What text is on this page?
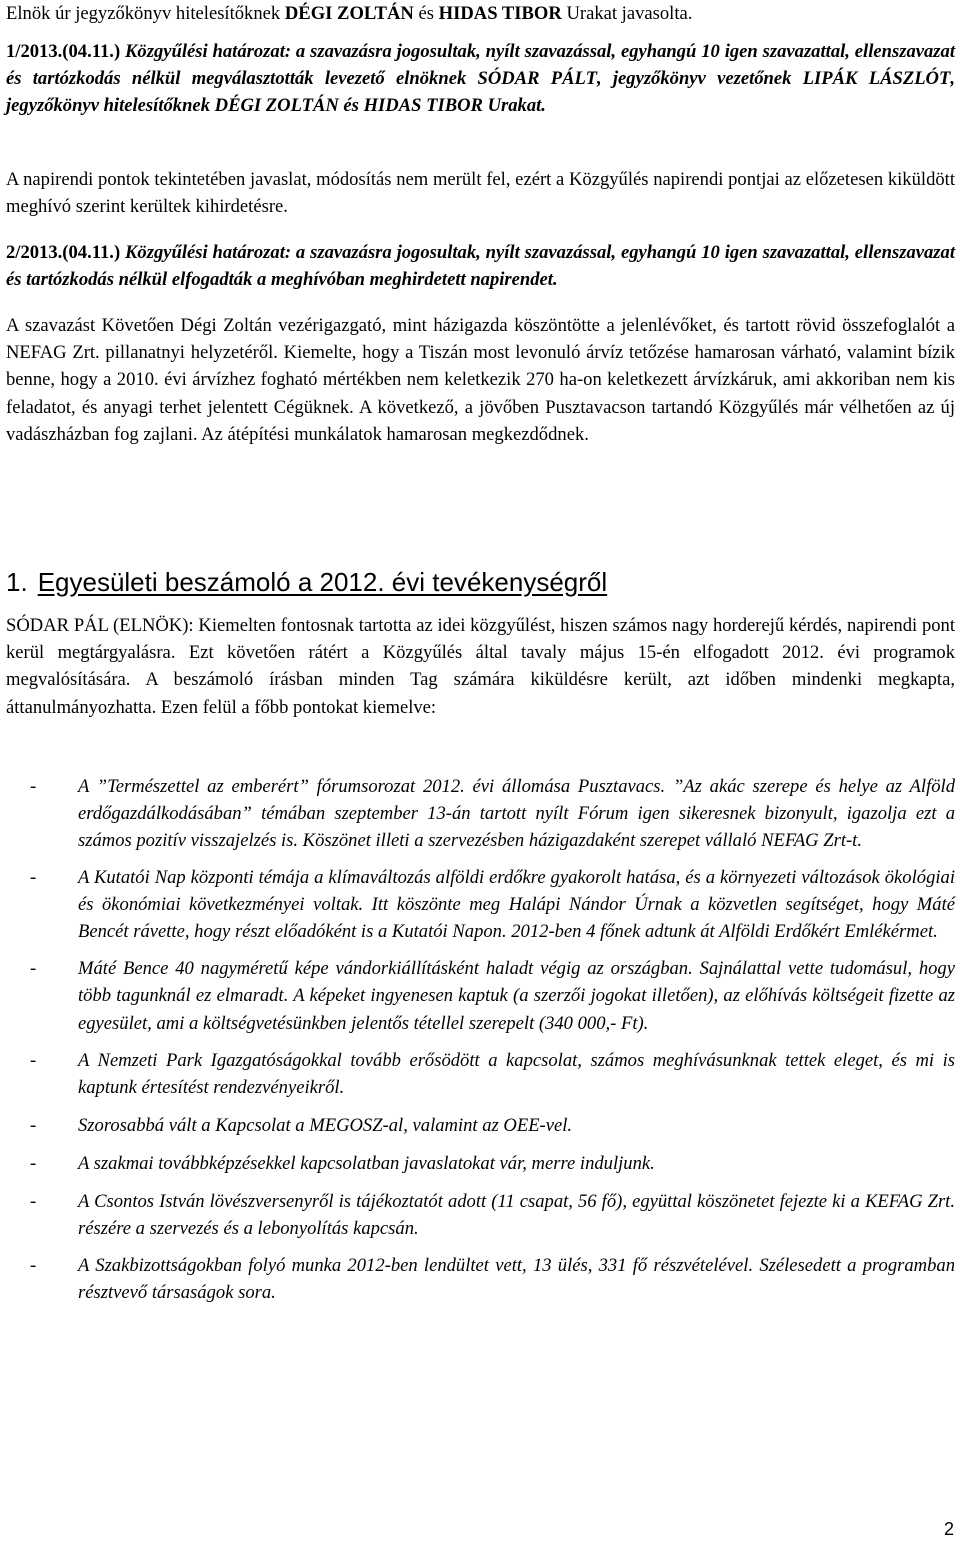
Elnök úr jegyzőkönyv hitelesítőknek DÉGI ZOLTÁN és HIDAS TIBOR Urakat javasolta.

1/2013.(04.11.) Közgyűlési határozat: a szavazásra jogosultak, nyílt szavazással, egyhangú 10 igen szavazattal, ellenszavazat és tartózkodás nélkül megválasztották levezető elnöknek SÓDAR PÁLT, jegyzőkönyv vezetőnek LIPÁK LÁSZLÓT, jegyzőkönyv hitelesítőknek DÉGI ZOLTÁN és HIDAS TIBOR Urakat.

A napirendi pontok tekintetében javaslat, módosítás nem merült fel, ezért a Közgyűlés napirendi pontjai az előzetesen kiküldött meghívó szerint kerültek kihirdetésre.

2/2013.(04.11.) Közgyűlési határozat: a szavazásra jogosultak, nyílt szavazással, egyhangú 10 igen szavazattal, ellenszavazat és tartózkodás nélkül elfogadták a meghívóban meghirdetett napirendet.

A szavazást Követően Dégi Zoltán vezérigazgató, mint házigazda köszöntötte a jelenlévőket, és tartott rövid összefoglalót a NEFAG Zrt. pillanatnyi helyzetéről. Kiemelte, hogy a Tiszán most levonuló árvíz tetőzése hamarosan várható, valamint bízik benne, hogy a 2010. évi árvízhez fogható mértékben nem keletkezik 270 ha-on keletkezett árvízkáruk, ami akkoriban nem kis feladatot, és anyagi terhet jelentett Cégüknek. A következő, a jövőben Pusztavacson tartandó Közgyűlés már vélhetően az új vadászházban fog zajlani. Az átépítési munkálatok hamarosan megkezdődnek.

1. Egyesületi beszámoló a 2012. évi tevékenységről

SÓDAR PÁL (ELNÖK): Kiemelten fontosnak tartotta az idei közgyűlést, hiszen számos nagy horderejű kérdés, napirendi pont kerül megtárgyalásra. Ezt követően rátért a Közgyűlés által tavaly május 15-én elfogadott 2012. évi programok megvalósítására. A beszámoló írásban minden Tag számára kiküldésre került, azt időben mindenki megkapta, áttanulmányozhatta. Ezen felül a főbb pontokat kiemelve:

- A ”Természettel az emberért” fórumsorozat 2012. évi állomása Pusztavacs. ”Az akác szerepe és helye az Alföld erdőgazdálkodásában” témában szeptember 13-án tartott nyílt Fórum igen sikeresnek bizonyult, igazolja ezt a számos pozitív visszajelzés is. Köszönet illeti a szervezésben házigazdaként szerepet vállaló NEFAG Zrt-t.
- A Kutatói Nap központi témája a klímaváltozás alföldi erdőkre gyakorolt hatása, és a környezeti változások ökológiai és ökonómiai következményei voltak. Itt köszönte meg Halápi Nándor Úrnak a közvetlen segítséget, hogy Máté Bencét rávette, hogy részt előadóként is a Kutatói Napon. 2012-ben 4 főnek adtunk át Alföldi Erdőkért Emlékérmet.
- Máté Bence 40 nagyméretű képe vándorkiállításként haladt végig az országban. Sajnálattal vette tudomásul, hogy több tagunknál ez elmaradt. A képeket ingyenesen kaptuk (a szerzői jogokat illetően), az előhívás költségeit fizette az egyesület, ami a költségvetésünkben jelentős tétellel szerepelt (340 000,- Ft).
- A Nemzeti Park Igazgatóságokkal tovább erősödött a kapcsolat, számos meghívásunknak tettek eleget, és mi is kaptunk értesítést rendezvényeikről.
- Szorosabbá vált a Kapcsolat a MEGOSZ-al, valamint az OEE-vel.
- A szakmai továbbképzésekkel kapcsolatban javaslatokat vár, merre induljunk.
- A Csontos István lövészversenyről is tájékoztatót adott (11 csapat, 56 fő), együttal köszönetet fejezte ki a KEFAG Zrt. részére a szervezés és a lebonyolítás kapcsán.
- A Szakbizottságokban folyó munka 2012-ben lendültet vett, 13 ülés, 331 fő részvételével. Szélesedett a programban résztvevő társaságok sora.
2
